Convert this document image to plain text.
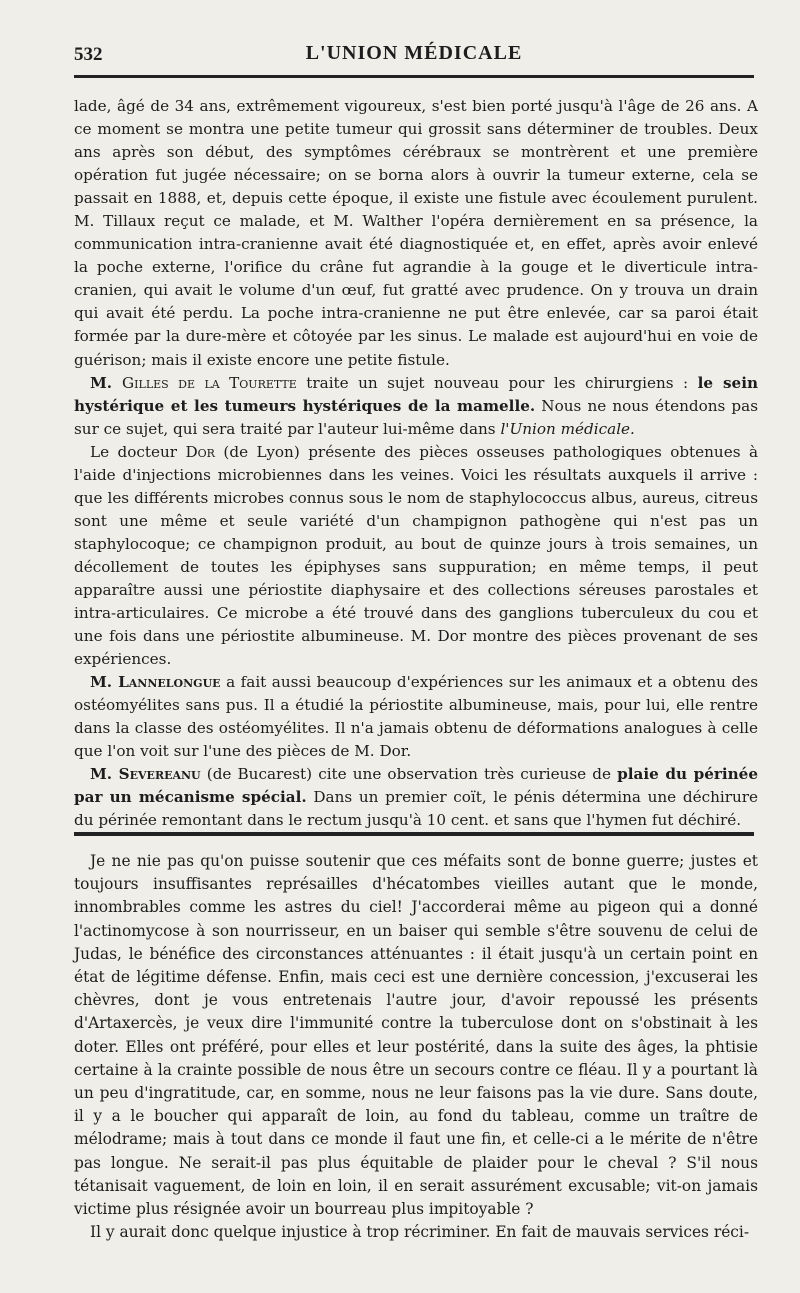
532	L'UNION MÉDICALE

lade, âgé de 34 ans, extrêmement vigoureux, s'est bien porté jusqu'à l'âge de 26 ans. A ce moment se montra une petite tumeur qui grossit sans déterminer de troubles. Deux ans après son début, des symptômes cérébraux se montrèrent et une première opération fut jugée nécessaire; on se borna alors à ouvrir la tumeur externe, cela se passait en 1888, et, depuis cette époque, il existe une fistule avec écoulement purulent. M. Tillaux reçut ce malade, et M. Walther l'opéra dernièrement en sa présence, la communication intra-cranienne avait été diagnostiquée et, en effet, après avoir enlevé la poche externe, l'orifice du crâne fut agrandie à la gouge et le diverticule intra-cranien, qui avait le volume d'un œuf, fut gratté avec prudence. On y trouva un drain qui avait été perdu. La poche intra-cranienne ne put être enlevée, car sa paroi était formée par la dure-mère et côtoyée par les sinus. Le malade est aujourd'hui en voie de guérison; mais il existe encore une petite fistule.

M. Gilles de la Tourette traite un sujet nouveau pour les chirurgiens : le sein hystérique et les tumeurs hystériques de la mamelle. Nous ne nous étendons pas sur ce sujet, qui sera traité par l'auteur lui-même dans l'Union médicale.

Le docteur Dor (de Lyon) présente des pièces osseuses pathologiques obtenues à l'aide d'injections microbiennes dans les veines. Voici les résultats auxquels il arrive : que les différents microbes connus sous le nom de staphylococcus albus, aureus, citreus sont une même et seule variété d'un champignon pathogène qui n'est pas un staphylocoque; ce champignon produit, au bout de quinze jours à trois semaines, un décollement de toutes les épiphyses sans suppuration; en même temps, il peut apparaître aussi une périostite diaphysaire et des collections séreuses parostales et intra-articulaires. Ce microbe a été trouvé dans des ganglions tuberculeux du cou et une fois dans une périostite albumineuse. M. Dor montre des pièces provenant de ses expériences.

M. Lannelongue a fait aussi beaucoup d'expériences sur les animaux et a obtenu des ostéomyélites sans pus. Il a étudié la périostite albumineuse, mais, pour lui, elle rentre dans la classe des ostéomyélites. Il n'a jamais obtenu de déformations analogues à celle que l'on voit sur l'une des pièces de M. Dor.

M. Severeanu (de Bucarest) cite une observation très curieuse de plaie du périnée par un mécanisme spécial. Dans un premier coït, le pénis détermina une déchirure du périnée remontant dans le rectum jusqu'à 10 cent. et sans que l'hymen fut déchiré.

Je ne nie pas qu'on puisse soutenir que ces méfaits sont de bonne guerre; justes et toujours insuffisantes représailles d'hécatombes vieilles autant que le monde, innombrables comme les astres du ciel! J'accorderai même au pigeon qui a donné l'actinomycose à son nourrisseur, en un baiser qui semble s'être souvenu de celui de Judas, le bénéfice des circonstances atténuantes : il était jusqu'à un certain point en état de légitime défense. Enfin, mais ceci est une dernière concession, j'excuserai les chèvres, dont je vous entretenais l'autre jour, d'avoir repoussé les présents d'Artaxercès, je veux dire l'immunité contre la tuberculose dont on s'obstinait à les doter. Elles ont préféré, pour elles et leur postérité, dans la suite des âges, la phtisie certaine à la crainte possible de nous être un secours contre ce fléau. Il y a pourtant là un peu d'ingratitude, car, en somme, nous ne leur faisons pas la vie dure. Sans doute, il y a le boucher qui apparaît de loin, au fond du tableau, comme un traître de mélodrame; mais à tout dans ce monde il faut une fin, et celle-ci a le mérite de n'être pas longue. Ne serait-il pas plus équitable de plaider pour le cheval ? S'il nous tétanisait vaguement, de loin en loin, il en serait assurément excusable; vit-on jamais victime plus résignée avoir un bourreau plus impitoyable ?

Il y aurait donc quelque injustice à trop récriminer. En fait de mauvais services réci-
